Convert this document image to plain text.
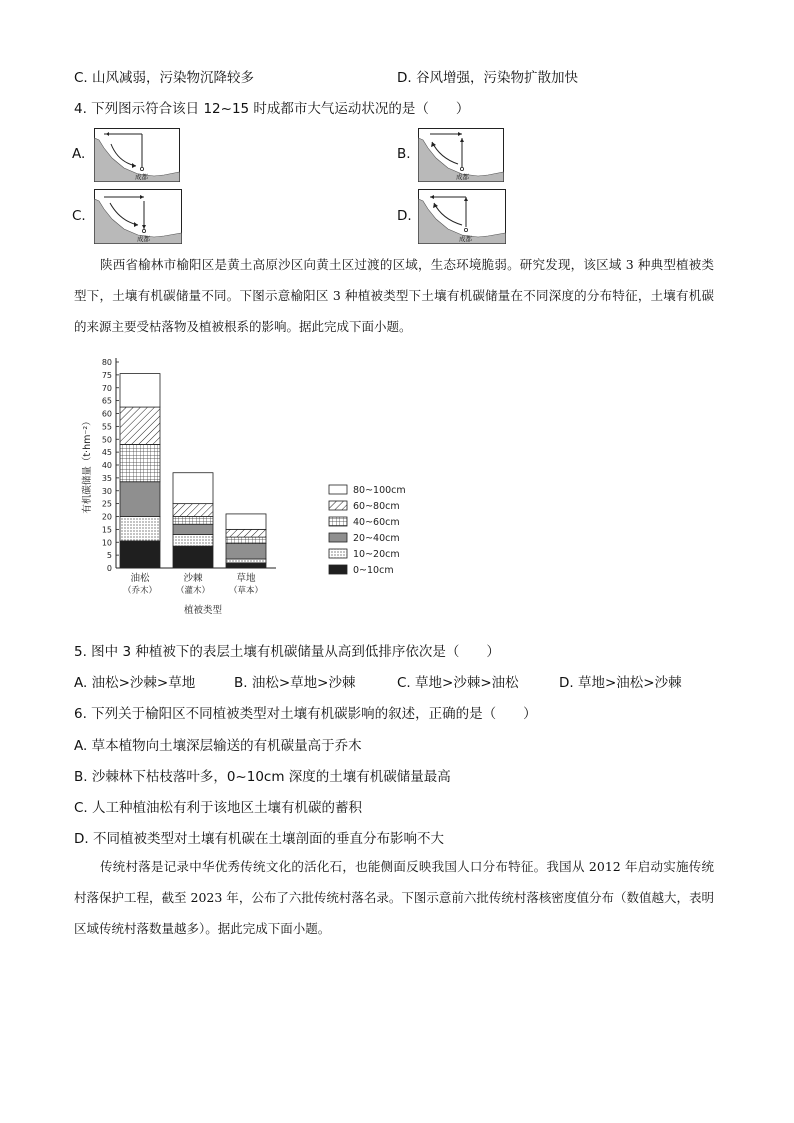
C. 山风减弱，污染物沉降较多	D. 谷风增强，污染物扩散加快
4. 下列图示符合该日 12~15 时成都市大气运动状况的是（　　）
A.
成都
B.
成都
C.
成都
D.
成都

陕西省榆林市榆阳区是黄土高原沙区向黄土区过渡的区域，生态环境脆弱。研究发现，该区域 3 种典型植被类型下，土壤有机碳储量不同。下图示意榆阳区 3 种植被类型下土壤有机碳储量在不同深度的分布特征，土壤有机碳的来源主要受枯落物及植被根系的影响。据此完成下面小题。

0
5
10
15
20
25
30
35
40
45
50
55
60
65
70
75
80
有机碳储量（t·hm⁻²）
油松
（乔木）
沙棘
（灌木）
草地
（草本）
植被类型
80~100cm
60~80cm
40~60cm
20~40cm
10~20cm
0~10cm
5. 图中 3 种植被下的表层土壤有机碳储量从高到低排序依次是（　　）
A. 油松>沙棘>草地	B. 油松>草地>沙棘	C. 草地>沙棘>油松	D. 草地>油松>沙棘
6. 下列关于榆阳区不同植被类型对土壤有机碳影响的叙述，正确的是（　　）
A. 草本植物向土壤深层输送的有机碳量高于乔木
B. 沙棘林下枯枝落叶多，0~10cm 深度的土壤有机碳储量最高
C. 人工种植油松有利于该地区土壤有机碳的蓄积
D. 不同植被类型对土壤有机碳在土壤剖面的垂直分布影响不大

传统村落是记录中华优秀传统文化的活化石，也能侧面反映我国人口分布特征。我国从 2012 年启动实施传统村落保护工程，截至 2023 年，公布了六批传统村落名录。下图示意前六批传统村落核密度值分布（数值越大，表明区域传统村落数量越多）。据此完成下面小题。
